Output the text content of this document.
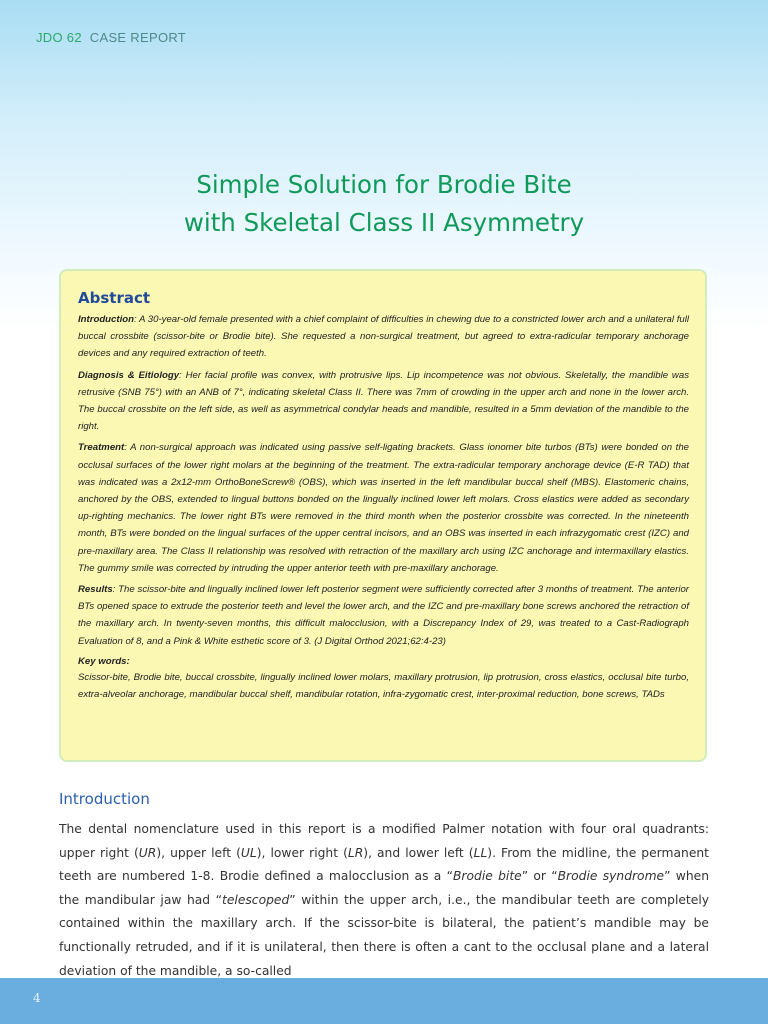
JDO 62 CASE REPORT
Simple Solution for Brodie Bite
with Skeletal Class II Asymmetry
Abstract

Introduction: A 30-year-old female presented with a chief complaint of difficulties in chewing due to a constricted lower arch and a unilateral full buccal crossbite (scissor-bite or Brodie bite). She requested a non-surgical treatment, but agreed to extra-radicular temporary anchorage devices and any required extraction of teeth.

Diagnosis & Eitiology: Her facial profile was convex, with protrusive lips. Lip incompetence was not obvious. Skeletally, the mandible was retrusive (SNB 75°) with an ANB of 7°, indicating skeletal Class II. There was 7mm of crowding in the upper arch and none in the lower arch. The buccal crossbite on the left side, as well as asymmetrical condylar heads and mandible, resulted in a 5mm deviation of the mandible to the right.

Treatment: A non-surgical approach was indicated using passive self-ligating brackets. Glass ionomer bite turbos (BTs) were bonded on the occlusal surfaces of the lower right molars at the beginning of the treatment. The extra-radicular temporary anchorage device (E-R TAD) that was indicated was a 2x12-mm OrthoBoneScrew® (OBS), which was inserted in the left mandibular buccal shelf (MBS). Elastomeric chains, anchored by the OBS, extended to lingual buttons bonded on the lingually inclined lower left molars. Cross elastics were added as secondary up-righting mechanics. The lower right BTs were removed in the third month when the posterior crossbite was corrected. In the nineteenth month, BTs were bonded on the lingual surfaces of the upper central incisors, and an OBS was inserted in each infrazygomatic crest (IZC) and pre-maxillary area. The Class II relationship was resolved with retraction of the maxillary arch using IZC anchorage and intermaxillary elastics. The gummy smile was corrected by intruding the upper anterior teeth with pre-maxillary anchorage.

Results: The scissor-bite and lingually inclined lower left posterior segment were sufficiently corrected after 3 months of treatment. The anterior BTs opened space to extrude the posterior teeth and level the lower arch, and the IZC and pre-maxillary bone screws anchored the retraction of the maxillary arch. In twenty-seven months, this difficult malocclusion, with a Discrepancy Index of 29, was treated to a Cast-Radiograph Evaluation of 8, and a Pink & White esthetic score of 3. (J Digital Orthod 2021;62:4-23)

Key words:

Scissor-bite, Brodie bite, buccal crossbite, lingually inclined lower molars, maxillary protrusion, lip protrusion, cross elastics, occlusal bite turbo, extra-alveolar anchorage, mandibular buccal shelf, mandibular rotation, infra-zygomatic crest, inter-proximal reduction, bone screws, TADs

Introduction

The dental nomenclature used in this report is a modified Palmer notation with four oral quadrants: upper right (UR), upper left (UL), lower right (LR), and lower left (LL). From the midline, the permanent teeth are numbered 1-8. Brodie defined a malocclusion as a “Brodie bite” or “Brodie syndrome” when the mandibular jaw had “telescoped” within the upper arch, i.e., the mandibular teeth are completely contained within the maxillary arch. If the scissor-bite is bilateral, the patient’s mandible may be functionally retruded, and if it is unilateral, then there is often a cant to the occlusal plane and a lateral deviation of the mandible, a so-called

4
